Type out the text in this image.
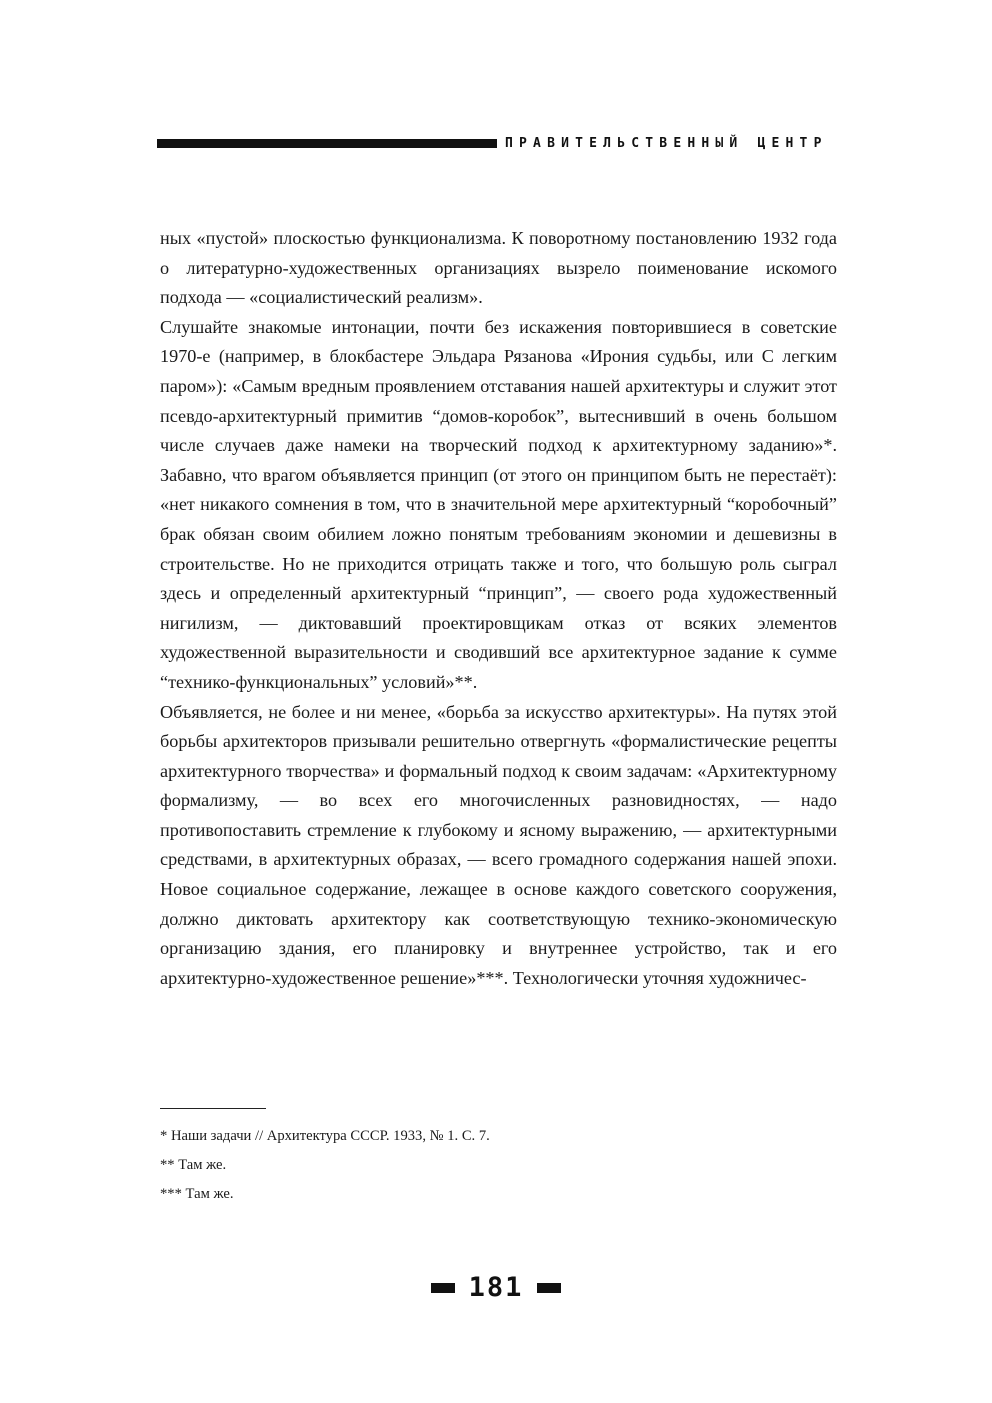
ПРАВИТЕЛЬСТВЕННЫЙ ЦЕНТР

ных «пустой» плоскостью функционализма. К поворотному постановлению 1932 года о литературно-художественных организациях вызрело поименование искомого подхода — «социалистический реализм».

Слушайте знакомые интонации, почти без искажения повторившиеся в советские 1970-е (например, в блокбастере Эльдара Рязанова «Ирония судьбы, или С легким паром»): «Самым вредным проявлением отставания нашей архитектуры и служит этот псевдо-архитектурный примитив “домов-коробок”, вытеснивший в очень большом числе случаев даже намеки на творческий подход к архитектурному заданию»*. Забавно, что врагом объявляется принцип (от этого он принципом быть не перестаёт): «нет никакого сомнения в том, что в значительной мере архитектурный “коробочный” брак обязан своим обилием ложно понятым требованиям экономии и дешевизны в строительстве. Но не приходится отрицать также и того, что большую роль сыграл здесь и определенный архитектурный “принцип”, — своего рода художественный нигилизм, — диктовавший проектировщикам отказ от всяких элементов художественной выразительности и сводивший все архитектурное задание к сумме “технико-функциональных” условий»**.

Объявляется, не более и ни менее, «борьба за искусство архитектуры». На путях этой борьбы архитекторов призывали решительно отвергнуть «формалистические рецепты архитектурного творчества» и формальный подход к своим задачам: «Архитектурному формализму, — во всех его многочисленных разновидностях, — надо противопоставить стремление к глубокому и ясному выражению, — архитектурными средствами, в архитектурных образах, — всего громадного содержания нашей эпохи. Новое социальное содержание, лежащее в основе каждого советского сооружения, должно диктовать архитектору как соответствующую технико-экономическую организацию здания, его планировку и внутреннее устройство, так и его архитектурно-художественное решение»***. Технологически уточняя художничес-

* Наши задачи // Архитектура СССР. 1933, № 1. С. 7.

** Там же.

*** Там же.

181
